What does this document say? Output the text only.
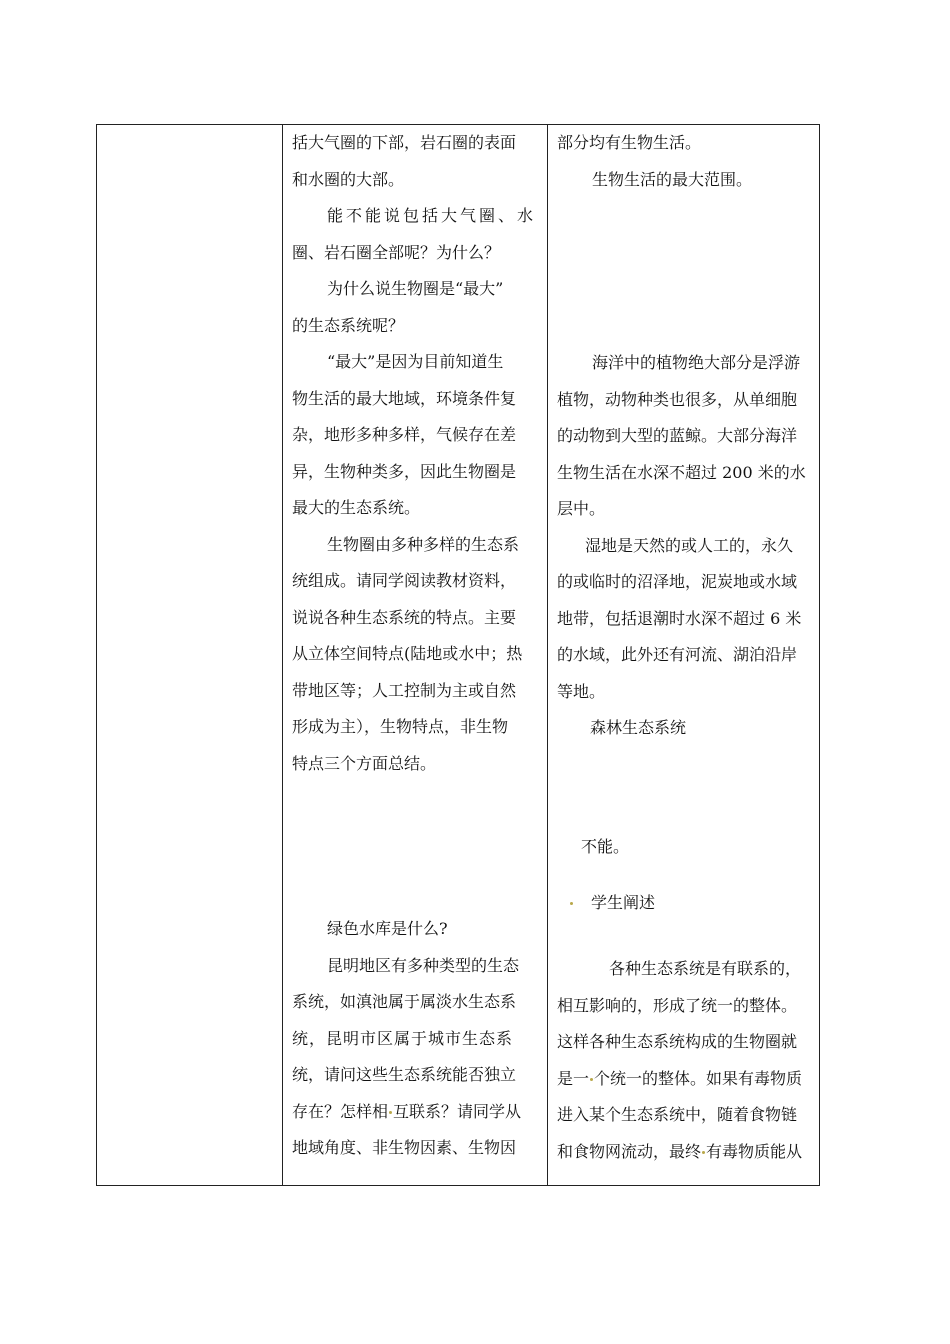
括大气圈的下部，岩石圈的表面

和水圈的大部。

能不能说包括大气圈、水

圈、岩石圈全部呢？为什么？

为什么说生物圈是“最大”

的生态系统呢？

“最大”是因为目前知道生

物生活的最大地域，环境条件复

杂，地形多种多样，气候存在差

异，生物种类多，因此生物圈是

最大的生态系统。

生物圈由多种多样的生态系

统组成。请同学阅读教材资料，

说说各种生态系统的特点。主要

从立体空间特点(陆地或水中；热

带地区等；人工控制为主或自然

形成为主），生物特点，非生物

特点三个方面总结。

绿色水库是什么?

昆明地区有多种类型的生态

系统，如滇池属于属淡水生态系

统，昆明市区属于城市生态系

统，请问这些生态系统能否独立

存在？怎样相 互联系？请同学从

地域角度、非生物因素、生物因

部分均有生物生活。

生物生活的最大范围。

海洋中的植物绝大部分是浮游

植物，动物种类也很多，从单细胞

的动物到大型的蓝鲸。大部分海洋

生物生活在水深不超过 200 米的水

层中。

湿地是天然的或人工的，永久

的或临时的沼泽地，泥炭地或水域

地带，包括退潮时水深不超过 6 米

的水域，此外还有河流、湖泊沿岸

等地。

森林生态系统

不能。

学生阐述

各种生态系统是有联系的，

相互影响的，形成了统一的整体。

这样各种生态系统构成的生物圈就

是一 个统一的整体。如果有毒物质

进入某个生态系统中，随着食物链

和食物网流动，最终 有毒物质能从
